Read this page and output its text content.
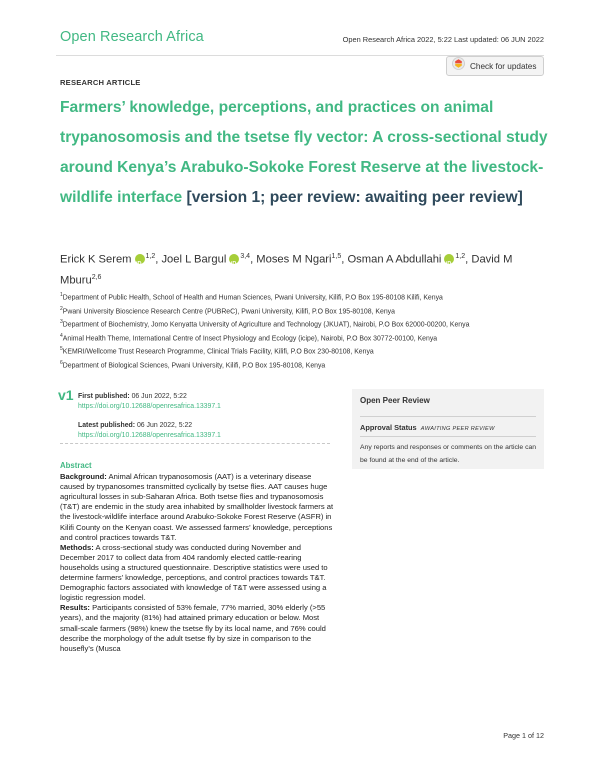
Open Research Africa	Open Research Africa 2022, 5:22 Last updated: 06 JUN 2022
RESEARCH ARTICLE
Check for updates
Farmers’ knowledge, perceptions, and practices on animal trypanosomosis and the tsetse fly vector: A cross-sectional study around Kenya’s Arabuko-Sokoke Forest Reserve at the livestock-wildlife interface [version 1; peer review: awaiting peer review]
Erick K Serem iD $^{1,2}$, Joel L Bargul iD $^{3,4}$, Moses M Ngari$^{1,5}$, Osman A Abdullahi iD $^{1,2}$, David M Mburu$^{2,6}$
$^1$Department of Public Health, School of Health and Human Sciences, Pwani University, Kilifi, P.O Box 195-80108 Kilifi, Kenya
$^2$Pwani University Bioscience Research Centre (PUBReC), Pwani University, Kilifi, P.O Box 195-80108, Kenya
$^3$Department of Biochemistry, Jomo Kenyatta University of Agriculture and Technology (JKUAT), Nairobi, P.O Box 62000-00200, Kenya
$^4$Animal Health Theme, International Centre of Insect Physiology and Ecology (icipe), Nairobi, P.O Box 30772-00100, Kenya
$^5$KEMRI/Wellcome Trust Research Programme, Clinical Trials Facility, Kilifi, P.O Box 230-80108, Kenya
$^6$Department of Biological Sciences, Pwani University, Kilifi, P.O Box 195-80108, Kenya
v1 First published: 06 Jun 2022, 5:22
https://doi.org/10.12688/openresafrica.13397.1
Latest published: 06 Jun 2022, 5:22
https://doi.org/10.12688/openresafrica.13397.1
Open Peer Review
Approval Status AWAITING PEER REVIEW
Any reports and responses or comments on the article can be found at the end of the article.
Abstract

Background: Animal African trypanosomosis (AAT) is a veterinary disease caused by trypanosomes transmitted cyclically by tsetse flies. AAT causes huge agricultural losses in sub-Saharan Africa. Both tsetse flies and trypanosomosis (T&T) are endemic in the study area inhabited by smallholder livestock farmers at the livestock-wildlife interface around Arabuko-Sokoke Forest Reserve (ASFR) in Kilifi County on the Kenyan coast. We assessed farmers’ knowledge, perceptions and control practices towards T&T.

Methods: A cross-sectional study was conducted during November and December 2017 to collect data from 404 randomly elected cattle-rearing households using a structured questionnaire. Descriptive statistics were used to determine farmers’ knowledge, perceptions, and control practices towards T&T. Demographic factors associated with knowledge of T&T were assessed using a logistic regression model.

Results: Participants consisted of 53% female, 77% married, 30% elderly (>55 years), and the majority (81%) had attained primary education or below. Most small-scale farmers (98%) knew the tsetse fly by its local name, and 76% could describe the morphology of the adult tsetse fly by size in comparison to the housefly’s (Musca

Page 1 of 12
